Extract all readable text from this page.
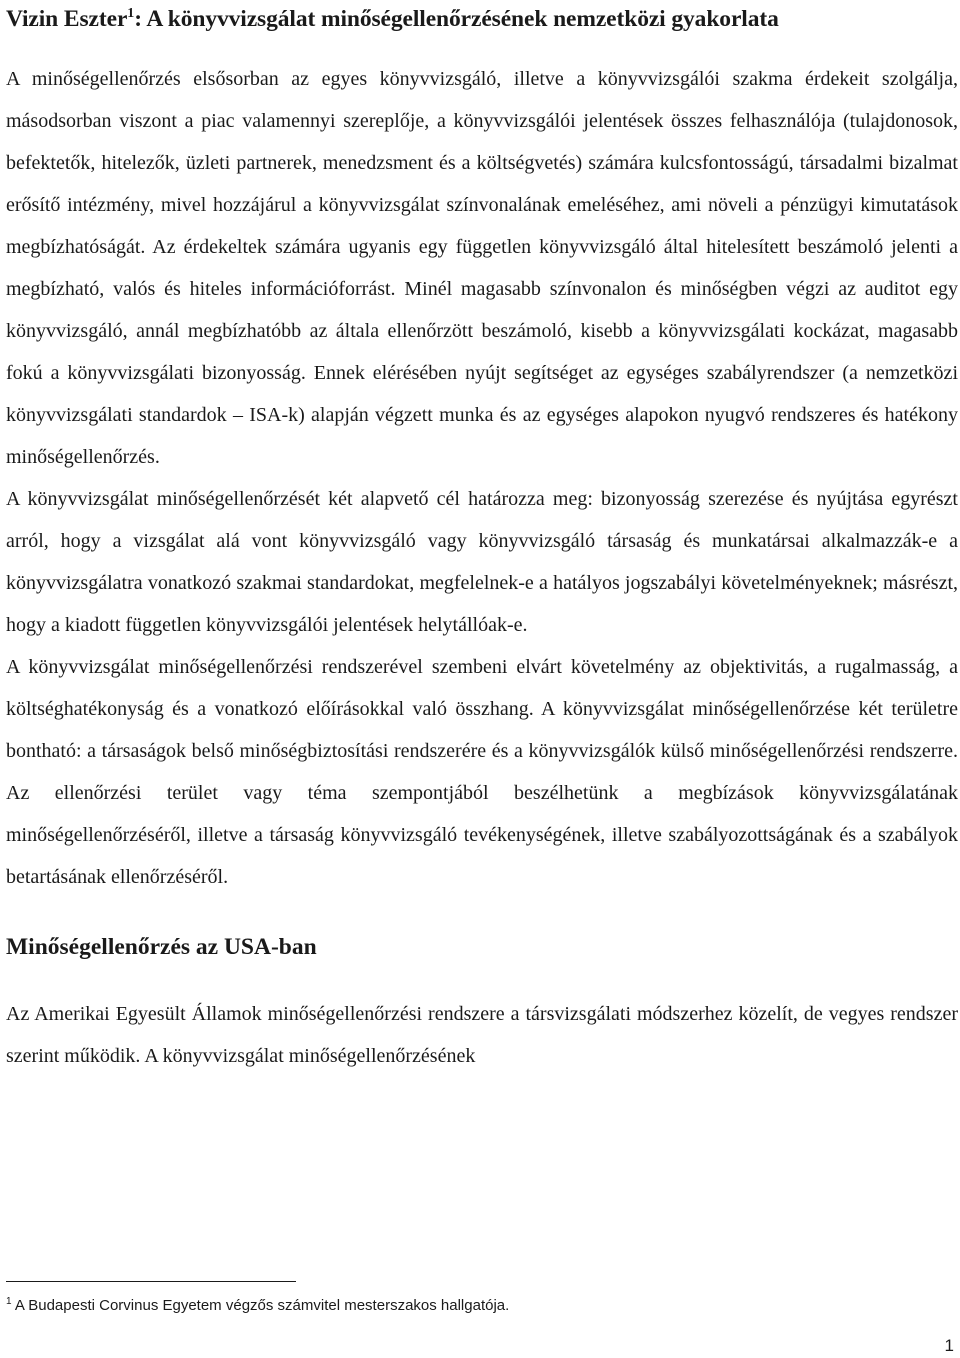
Vizin Eszter$^1$: A könyvvizsgálat minőségellenőrzésének nemzetközi gyakorlata

A minőségellenőrzés elsősorban az egyes könyvvizsgáló, illetve a könyvvizsgálói szakma érdekeit szolgálja, másodsorban viszont a piac valamennyi szereplője, a könyvvizsgálói jelentések összes felhasználója (tulajdonosok, befektetők, hitelezők, üzleti partnerek, menedzsment és a költségvetés) számára kulcsfontosságú, társadalmi bizalmat erősítő intézmény, mivel hozzájárul a könyvvizsgálat színvonalának emeléséhez, ami növeli a pénzügyi kimutatások megbízhatóságát. Az érdekeltek számára ugyanis egy független könyvvizsgáló által hitelesített beszámoló jelenti a megbízható, valós és hiteles információforrást. Minél magasabb színvonalon és minőségben végzi az auditot egy könyvvizsgáló, annál megbízhatóbb az általa ellenőrzött beszámoló, kisebb a könyvvizsgálati kockázat, magasabb fokú a könyvvizsgálati bizonyosság. Ennek elérésében nyújt segítséget az egységes szabályrendszer (a nemzetközi könyvvizsgálati standardok – ISA-k) alapján végzett munka és az egységes alapokon nyugvó rendszeres és hatékony minőségellenőrzés.

A könyvvizsgálat minőségellenőrzését két alapvető cél határozza meg: bizonyosság szerezése és nyújtása egyrészt arról, hogy a vizsgálat alá vont könyvvizsgáló vagy könyvvizsgáló társaság és munkatársai alkalmazzák-e a könyvvizsgálatra vonatkozó szakmai standardokat, megfelelnek-e a hatályos jogszabályi követelményeknek; másrészt, hogy a kiadott független könyvvizsgálói jelentések helytállóak-e.

A könyvvizsgálat minőségellenőrzési rendszerével szembeni elvárt követelmény az objektivitás, a rugalmasság, a költséghatékonyság és a vonatkozó előírásokkal való összhang. A könyvvizsgálat minőségellenőrzése két területre bontható: a társaságok belső minőségbiztosítási rendszerére és a könyvvizsgálók külső minőségellenőrzési rendszerre. Az ellenőrzési terület vagy téma szempontjából beszélhetünk a megbízások könyvvizsgálatának minőségellenőrzéséről, illetve a társaság könyvvizsgáló tevékenységének, illetve szabályozottságának és a szabályok betartásának ellenőrzéséről.

Minőségellenőrzés az USA-ban

Az Amerikai Egyesült Államok minőségellenőrzési rendszere a társvizsgálati módszerhez közelít, de vegyes rendszer szerint működik. A könyvvizsgálat minőségellenőrzésének

$^1$ A Budapesti Corvinus Egyetem végzős számvitel mesterszakos hallgatója.
1
